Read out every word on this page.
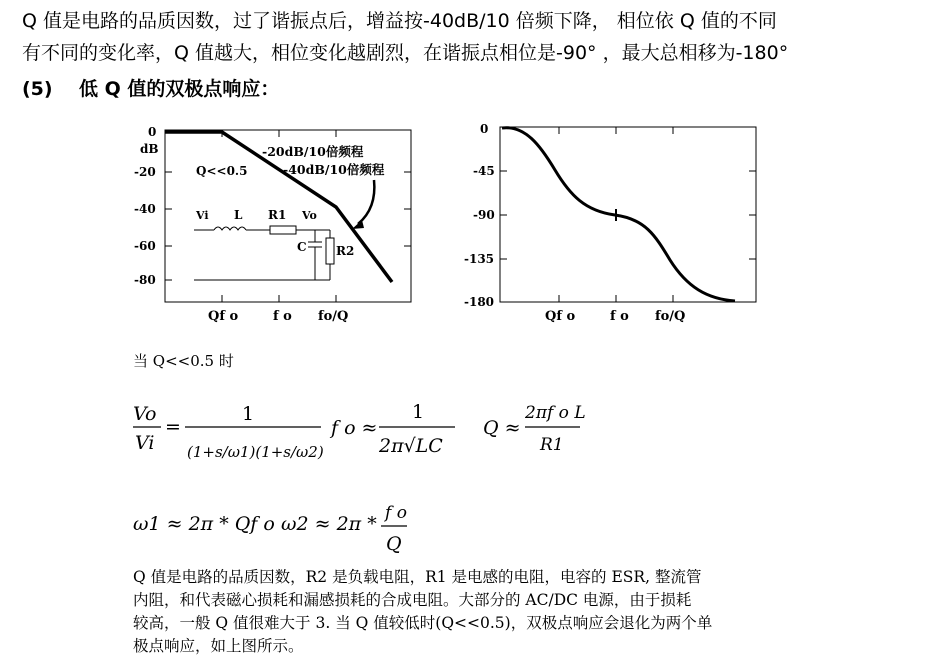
Q 值是电路的品质因数，过了谐振点后，增益按-40dB/10 倍频下降， 相位依 Q 值的不同
有不同的变化率，Q 值越大，相位变化越剧烈，在谐振点相位是-90° ，最大总相移为-180°
(5) 低 Q 值的双极点响应：
0
dB
-20
-40
-60
-80
Qf o	f o fo/Q
-20dB/10倍频程
-40dB/10倍频程
Q<<0.5
Vi L R1 Vo
C R2
0
-45
-90
-135
-180
Qf o	f o fo/Q
当 Q<<0.5 时
Vo
Vi
=
1
(1+s/ω1)(1+s/ω2)
f o ≈
1
2π√LC
Q ≈
2πf o L
R1
ω1 ≈ 2π * Qf o ω2 ≈ 2π * f o
Q
Q 值是电路的品质因数，R2 是负载电阻，R1 是电感的电阻，电容的 ESR, 整流管
内阻，和代表磁心损耗和漏感损耗的合成电阻。大部分的 AC/DC 电源，由于损耗
较高，一般 Q 值很难大于 3. 当 Q 值较低时(Q<<0.5)，双极点响应会退化为两个单
极点响应，如上图所示。
